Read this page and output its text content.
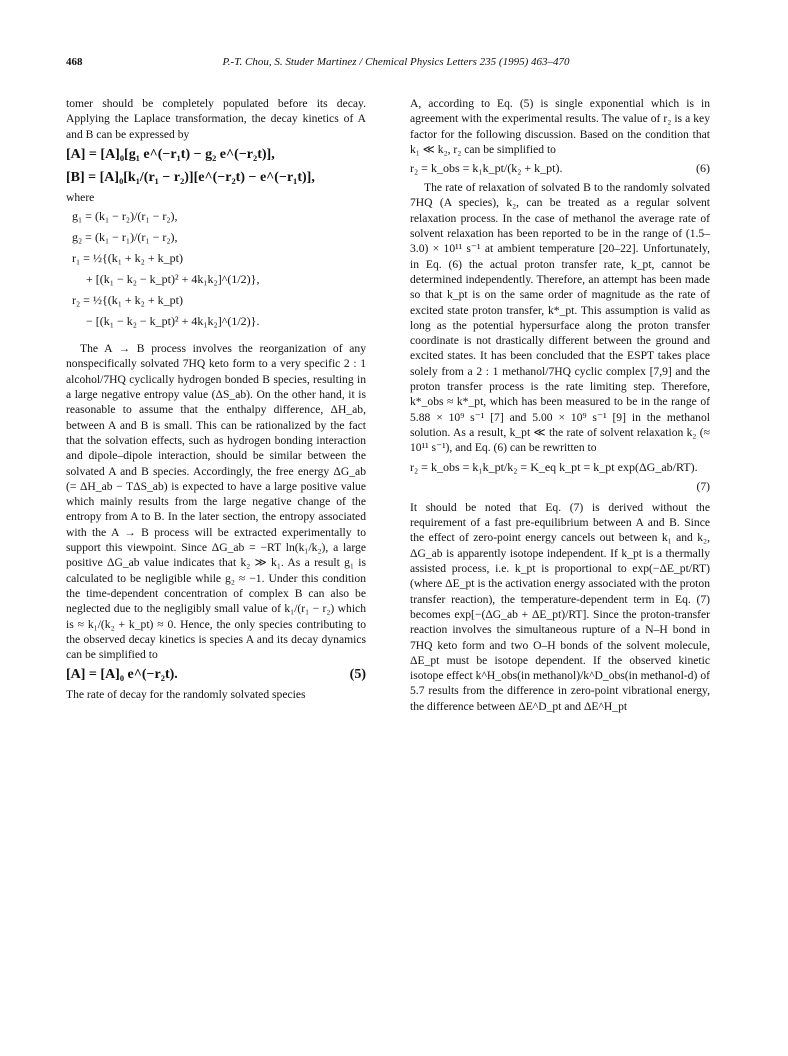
468	P.-T. Chou, S. Studer Martinez / Chemical Physics Letters 235 (1995) 463–470

tomer should be completely populated before its decay. Applying the Laplace transformation, the decay kinetics of A and B can be expressed by

[A] = [A]₀[g₁ e^(−r₁t) − g₂ e^(−r₂t)],
[B] = [A]₀[k₁/(r₁ − r₂)][e^(−r₂t) − e^(−r₁t)],

where

g₁ = (k₁ − r₂)/(r₁ − r₂),
g₂ = (k₁ − r₁)/(r₁ − r₂),
r₁ = ½{(k₁ + k₂ + k_pt)
+ [(k₁ − k₂ − k_pt)² + 4k₁k₂]^(1/2)},
r₂ = ½{(k₁ + k₂ + k_pt)
− [(k₁ − k₂ − k_pt)² + 4k₁k₂]^(1/2)}.

The A → B process involves the reorganization of any nonspecifically solvated 7HQ keto form to a very specific 2 : 1 alcohol/7HQ cyclically hydrogen bonded B species, resulting in a large negative entropy value (ΔS_ab). On the other hand, it is reasonable to assume that the enthalpy difference, ΔH_ab, between A and B is small. This can be rationalized by the fact that the solvation effects, such as hydrogen bonding interaction and dipole–dipole interaction, should be similar between the solvated A and B species. Accordingly, the free energy ΔG_ab (= ΔH_ab − TΔS_ab) is expected to have a large positive value which mainly results from the large negative change of the entropy from A to B. In the later section, the entropy associated with the A → B process will be extracted experimentally to support this viewpoint. Since ΔG_ab = −RT ln(k₁/k₂), a large positive ΔG_ab value indicates that k₂ ≫ k₁. As a result g₁ is calculated to be negligible while g₂ ≈ −1. Under this condition the time-dependent concentration of complex B can also be neglected due to the negligibly small value of k₁/(r₁ − r₂) which is ≈ k₁/(k₂ + k_pt) ≈ 0. Hence, the only species contributing to the observed decay kinetics is species A and its decay dynamics can be simplified to

[A] = [A]₀ e^(−r₂t).	(5)

The rate of decay for the randomly solvated species

A, according to Eq. (5) is single exponential which is in agreement with the experimental results. The value of r₂ is a key factor for the following discussion. Based on the condition that k₁ ≪ k₂, r₂ can be simplified to

r₂ = k_obs = k₁k_pt/(k₂ + k_pt).	(6)

The rate of relaxation of solvated B to the randomly solvated 7HQ (A species), k₂, can be treated as a regular solvent relaxation process. In the case of methanol the average rate of solvent relaxation has been reported to be in the range of (1.5–3.0) × 10¹¹ s⁻¹ at ambient temperature [20–22]. Unfortunately, in Eq. (6) the actual proton transfer rate, k_pt, cannot be determined independently. Therefore, an attempt has been made so that k_pt is on the same order of magnitude as the rate of excited state proton transfer, k*_pt. This assumption is valid as long as the potential hypersurface along the proton transfer coordinate is not drastically different between the ground and excited states. It has been concluded that the ESPT takes place solely from a 2 : 1 methanol/7HQ cyclic complex [7,9] and the proton transfer process is the rate limiting step. Therefore, k*_obs ≈ k*_pt, which has been measured to be in the range of 5.88 × 10⁹ s⁻¹ [7] and 5.00 × 10⁹ s⁻¹ [9] in the methanol solution. As a result, k_pt ≪ the rate of solvent relaxation k₂ (≈ 10¹¹ s⁻¹), and Eq. (6) can be rewritten to

r₂ = k_obs = k₁k_pt/k₂ = K_eq k_pt = k_pt exp(ΔG_ab/RT).
(7)

It should be noted that Eq. (7) is derived without the requirement of a fast pre-equilibrium between A and B. Since the effect of zero-point energy cancels out between k₁ and k₂, ΔG_ab is apparently isotope independent. If k_pt is a thermally assisted process, i.e. k_pt is proportional to exp(−ΔE_pt/RT) (where ΔE_pt is the activation energy associated with the proton transfer reaction), the temperature-dependent term in Eq. (7) becomes exp[−(ΔG_ab + ΔE_pt)/RT]. Since the proton-transfer reaction involves the simultaneous rupture of a N–H bond in 7HQ keto form and two O–H bonds of the solvent molecule, ΔE_pt must be isotope dependent. If the observed kinetic isotope effect k^H_obs(in methanol)/k^D_obs(in methanol-d) of 5.7 results from the difference in zero-point vibrational energy, the difference between ΔE^D_pt and ΔE^H_pt
